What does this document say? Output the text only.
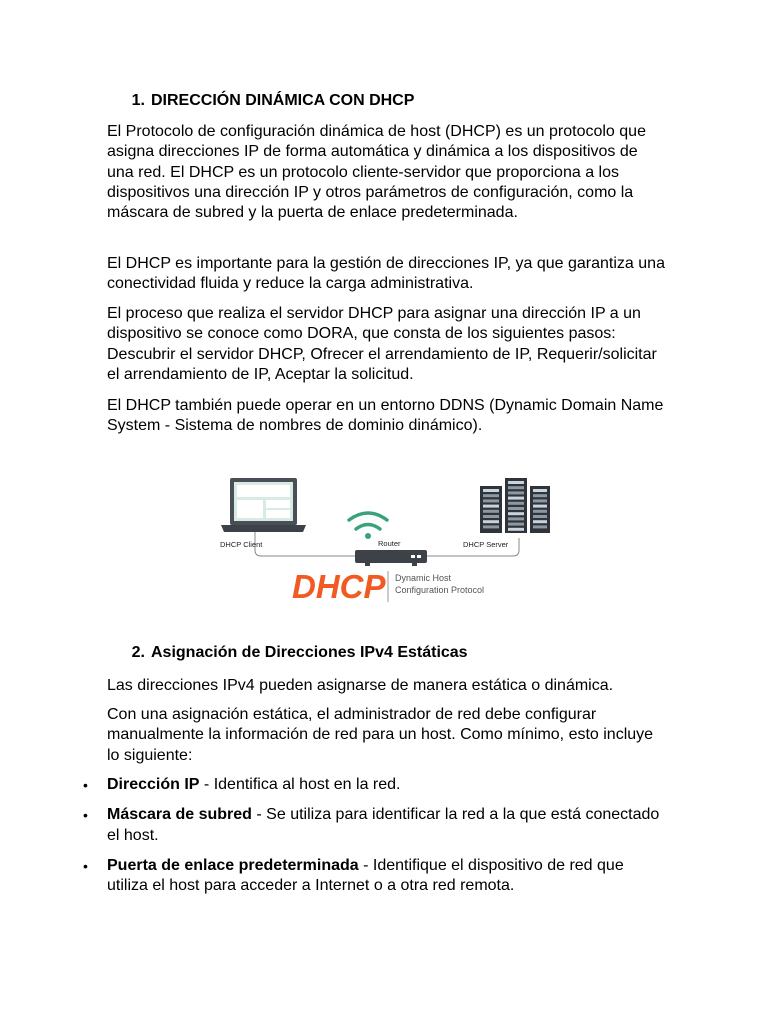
1. DIRECCIÓN DINÁMICA CON DHCP

El Protocolo de configuración dinámica de host (DHCP) es un protocolo que asigna direcciones IP de forma automática y dinámica a los dispositivos de una red. El DHCP es un protocolo cliente-servidor que proporciona a los dispositivos una dirección IP y otros parámetros de configuración, como la máscara de subred y la puerta de enlace predeterminada.

El DHCP es importante para la gestión de direcciones IP, ya que garantiza una conectividad fluida y reduce la carga administrativa.

El proceso que realiza el servidor DHCP para asignar una dirección IP a un dispositivo se conoce como DORA, que consta de los siguientes pasos: Descubrir el servidor DHCP, Ofrecer el arrendamiento de IP, Requerir/solicitar el arrendamiento de IP, Aceptar la solicitud.

El DHCP también puede operar en un entorno DDNS (Dynamic Domain Name System - Sistema de nombres de dominio dinámico).

2. Asignación de Direcciones IPv4 Estáticas

Las direcciones IPv4 pueden asignarse de manera estática o dinámica.

Con una asignación estática, el administrador de red debe configurar manualmente la información de red para un host. Como mínimo, esto incluye lo siguiente:

• Dirección IP - Identifica al host en la red.
• Máscara de subred - Se utiliza para identificar la red a la que está conectado el host.
• Puerta de enlace predeterminada - Identifique el dispositivo de red que utiliza el host para acceder a Internet o a otra red remota.
DHCP Client	Router	DHCP Server
DHCP Dynamic Host
Configuration Protocol
